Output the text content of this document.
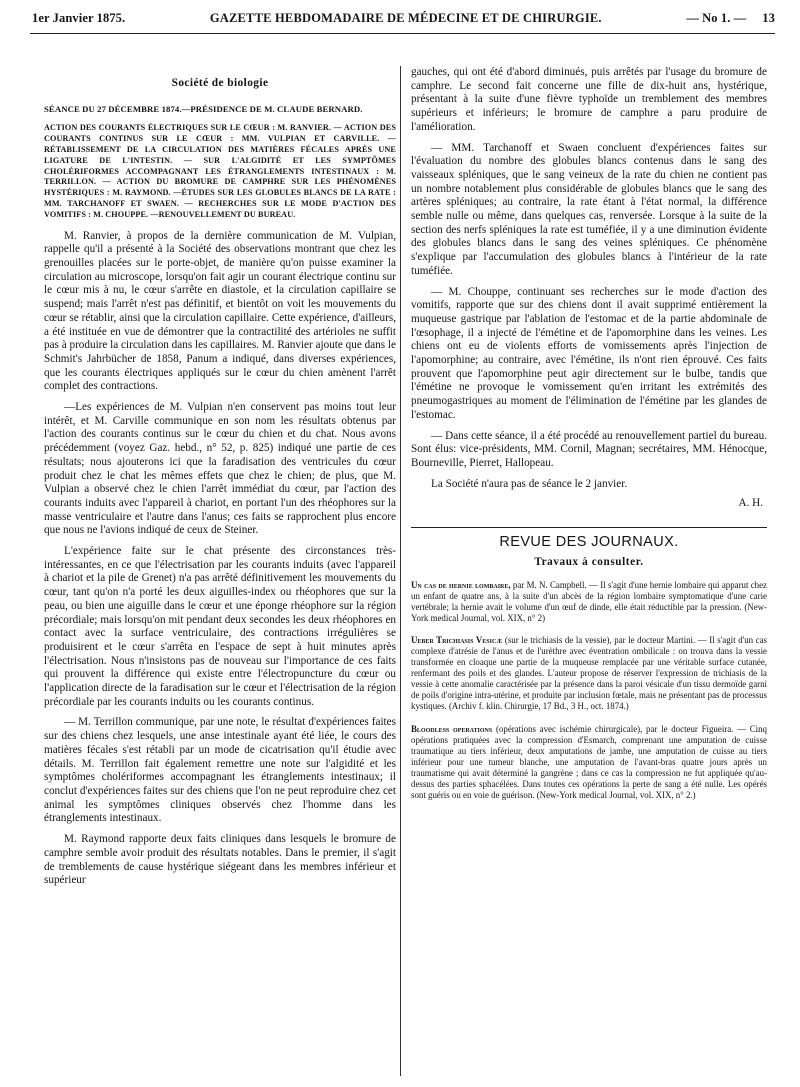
1er Janvier 1875.	GAZETTE HEBDOMADAIRE DE MÉDECINE ET DE CHIRURGIE.	— No 1. — 13

Société de biologie

SÉANCE DU 27 DÉCEMBRE 1874.—PRÉSIDENCE DE M. CLAUDE BERNARD.

ACTION DES COURANTS ÉLECTRIQUES SUR LE CŒUR : M. RANVIER. — ACTION DES COURANTS CONTINUS SUR LE CŒUR : MM. VULPIAN ET CARVILLE. — RÉTABLISSEMENT DE LA CIRCULATION DES MATIÈRES FÉCALES APRÈS UNE LIGATURE DE L'INTESTIN. — SUR L'ALGIDITÉ ET LES SYMPTÔMES CHOLÉRIFORMES ACCOMPAGNANT LES ÉTRANGLEMENTS INTESTINAUX : M. TERRILLON. — ACTION DU BROMURE DE CAMPHRE SUR LES PHÉNOMÈNES HYSTÉRIQUES : M. RAYMOND. —ÉTUDES SUR LES GLOBULES BLANCS DE LA RATE : MM. TARCHANOFF ET SWAEN. — RECHERCHES SUR LE MODE D'ACTION DES VOMITIFS : M. CHOUPPE. —RENOUVELLEMENT DU BUREAU.

M. Ranvier, à propos de la dernière communication de M. Vulpian, rappelle qu'il a présenté à la Société des observations montrant que chez les grenouilles placées sur le porte-objet, de manière qu'on puisse examiner la circulation au microscope, lorsqu'on fait agir un courant électrique continu sur le cœur mis à nu, le cœur s'arrête en diastole, et la circulation capillaire se suspend; mais l'arrêt n'est pas définitif, et bientôt on voit les mouvements du cœur se rétablir, ainsi que la circulation capillaire. Cette expérience, d'ailleurs, a été instituée en vue de démontrer que la contractilité des artérioles ne suffit pas à produire la circulation dans les capillaires. M. Ranvier ajoute que dans le Schmit's Jahrbücher de 1858, Panum a indiqué, dans diverses expériences, que les courants électriques appliqués sur le cœur du chien amènent l'arrêt complet des contractions.

—Les expériences de M. Vulpian n'en conservent pas moins tout leur intérêt, et M. Carville communique en son nom les résultats obtenus par l'action des courants continus sur le cœur du chien et du chat. Nous avons précédemment (voyez Gaz. hebd., n° 52, p. 825) indiqué une partie de ces résultats; nous ajouterons ici que la faradisation des ventricules du cœur produit chez le chat les mêmes effets que chez le chien; de plus, que M. Vulpian a observé chez le chien l'arrêt immédiat du cœur, par l'action des courants induits avec l'appareil à chariot, en portant l'un des rhéophores sur la masse ventriculaire et l'autre dans l'anus; ces faits se rapprochent plus encore que nous ne l'avions indiqué de ceux de Steiner.

L'expérience faite sur le chat présente des circonstances très-intéressantes, en ce que l'électrisation par les courants induits (avec l'appareil à chariot et la pile de Grenet) n'a pas arrêté définitivement les mouvements du cœur, tant qu'on n'a porté les deux aiguilles-index ou rhéophores que sur la peau, ou bien une aiguille dans le cœur et une éponge rhéophore sur la région précordiale; mais lorsqu'on mit pendant deux secondes les deux rhéophores en contact avec la surface ventriculaire, des contractions irrégulières se produisirent et le cœur s'arrêta en l'espace de sept à huit minutes après l'électrisation. Nous n'insistons pas de nouveau sur l'importance de ces faits qui prouvent la différence qui existe entre l'électropuncture du cœur ou l'application directe de la faradisation sur le cœur et l'électrisation de la région précordiale par les courants induits ou les courants continus.

— M. Terrillon communique, par une note, le résultat d'expériences faites sur des chiens chez lesquels, une anse intestinale ayant été liée, le cours des matières fécales s'est rétabli par un mode de cicatrisation qu'il étudie avec détails. M. Terrillon fait également remettre une note sur l'algidité et les symptômes cholériformes accompagnant les étranglements intestinaux; il conclut d'expériences faites sur des chiens que l'on ne peut reproduire chez cet animal les symptômes cliniques observés chez l'homme dans les étranglements intestinaux.

M. Raymond rapporte deux faits cliniques dans lesquels le bromure de camphre semble avoir produit des résultats notables. Dans le premier, il s'agit de tremblements de cause hystérique siégeant dans les membres inférieur et supérieur

gauches, qui ont été d'abord diminués, puis arrêtés par l'usage du bromure de camphre. Le second fait concerne une fille de dix-huit ans, hystérique, présentant à la suite d'une fièvre typhoïde un tremblement des membres supérieurs et inférieurs; le bromure de camphre a paru produire de l'amélioration.

— MM. Tarchanoff et Swaen concluent d'expériences faites sur l'évaluation du nombre des globules blancs contenus dans le sang des vaisseaux spléniques, que le sang veineux de la rate du chien ne contient pas un nombre notablement plus considérable de globules blancs que le sang des artères spléniques; au contraire, la rate étant à l'état normal, la différence semble nulle ou même, dans quelques cas, renversée. Lorsque à la suite de la section des nerfs spléniques la rate est tuméfiée, il y a une diminution évidente des globules blancs dans le sang des veines spléniques. Ce phénomène s'explique par l'accumulation des globules blancs à l'intérieur de la rate tuméfiée.

— M. Chouppe, continuant ses recherches sur le mode d'action des vomitifs, rapporte que sur des chiens dont il avait supprimé entièrement la muqueuse gastrique par l'ablation de l'estomac et de la partie abdominale de l'œsophage, il a injecté de l'émétine et de l'apomorphine dans les veines. Les chiens ont eu de violents efforts de vomissements après l'injection de l'apomorphine; au contraire, avec l'émétine, ils n'ont rien éprouvé. Ces faits prouvent que l'apomorphine peut agir directement sur le bulbe, tandis que l'émétine ne provoque le vomissement qu'en irritant les extrémités des pneumogastriques au moment de l'élimination de l'émétine par les glandes de l'estomac.

— Dans cette séance, il a été procédé au renouvellement partiel du bureau. Sont élus: vice-présidents, MM. Cornil, Magnan; secrétaires, MM. Hénocque, Bourneville, Pierret, Hallopeau.

La Société n'aura pas de séance le 2 janvier.

A. H.

REVUE DES JOURNAUX.

Travaux à consulter.

Un cas de hernie lombaire, par M. N. Campbell. — Il s'agit d'une hernie lombaire qui apparut chez un enfant de quatre ans, à la suite d'un abcès de la région lombaire symptomatique d'une carie vertébrale; la hernie avait le volume d'un œuf de dinde, elle était réductible par la pression. (New-York medical Journal, vol. XIX, n° 2)

Ueber Trichiasis Vesicæ (sur le trichiasis de la vessie), par le docteur Martini. — Il s'agit d'un cas complexe d'atrésie de l'anus et de l'urèthre avec éventration ombilicale : on trouva dans la vessie transformée en cloaque une partie de la muqueuse remplacée par une véritable surface cutanée, renfermant des poils et des glandes. L'auteur propose de réserver l'expression de trichiasis de la vessie à cette anomalie caractérisée par la présence dans la paroi vésicale d'un tissu dermoïde garni de poils d'origine intra-utérine, et produite par inclusion fœtale, mais ne présentant pas de processus kystiques. (Archiv f. klin. Chirurgie, 17 Bd., 3 H., oct. 1874.)

Bloodless operations (opérations avec ischémie chirurgicale), par le docteur Figueira. — Cinq opérations pratiquées avec la compression d'Esmarch, comprenant une amputation de cuisse traumatique au tiers inférieur, deux amputations de jambe, une amputation de cuisse au tiers inférieur pour une tumeur blanche, une amputation de l'avant-bras quatre jours après un traumatisme qui avait déterminé la gangrène ; dans ce cas la compression ne fut appliquée qu'au-dessus des parties sphacélées. Dans toutes ces opérations la perte de sang a été nulle. Les opérés sont guéris ou en voie de guérison. (New-York medical Journal, vol. XIX, n° 2.)
